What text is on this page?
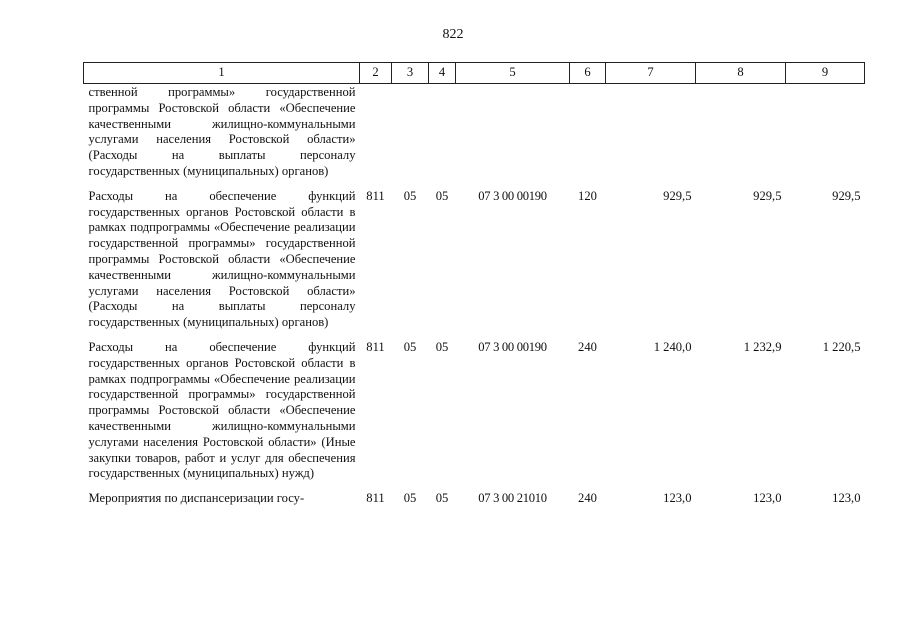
822
1	2	3	4	5	6	7	8	9
ственной программы» государственной программы Ростовской области «Обеспечение качественными жилищно-коммунальными услугами населения Ростовской области» (Расходы на выплаты персоналу государственных (муниципальных) органов)								
Расходы на обеспечение функций государственных органов Ростовской области в рамках подпрограммы «Обеспечение реализации государственной программы» государственной программы Ростовской области «Обеспечение качественными жилищно-коммунальными услугами населения Ростовской области» (Расходы на выплаты персоналу государственных (муниципальных) органов)	811	05	05	07 3 00 00190	120	929,5	929,5	929,5
Расходы на обеспечение функций государственных органов Ростовской области в рамках подпрограммы «Обеспечение реализации государственной программы» государственной программы Ростовской области «Обеспечение качественными жилищно-коммунальными услугами населения Ростовской области» (Иные закупки товаров, работ и услуг для обеспечения государственных (муниципальных) нужд)	811	05	05	07 3 00 00190	240	1 240,0	1 232,9	1 220,5
Мероприятия по диспансеризации госу-	811	05	05	07 3 00 21010	240	123,0	123,0	123,0
